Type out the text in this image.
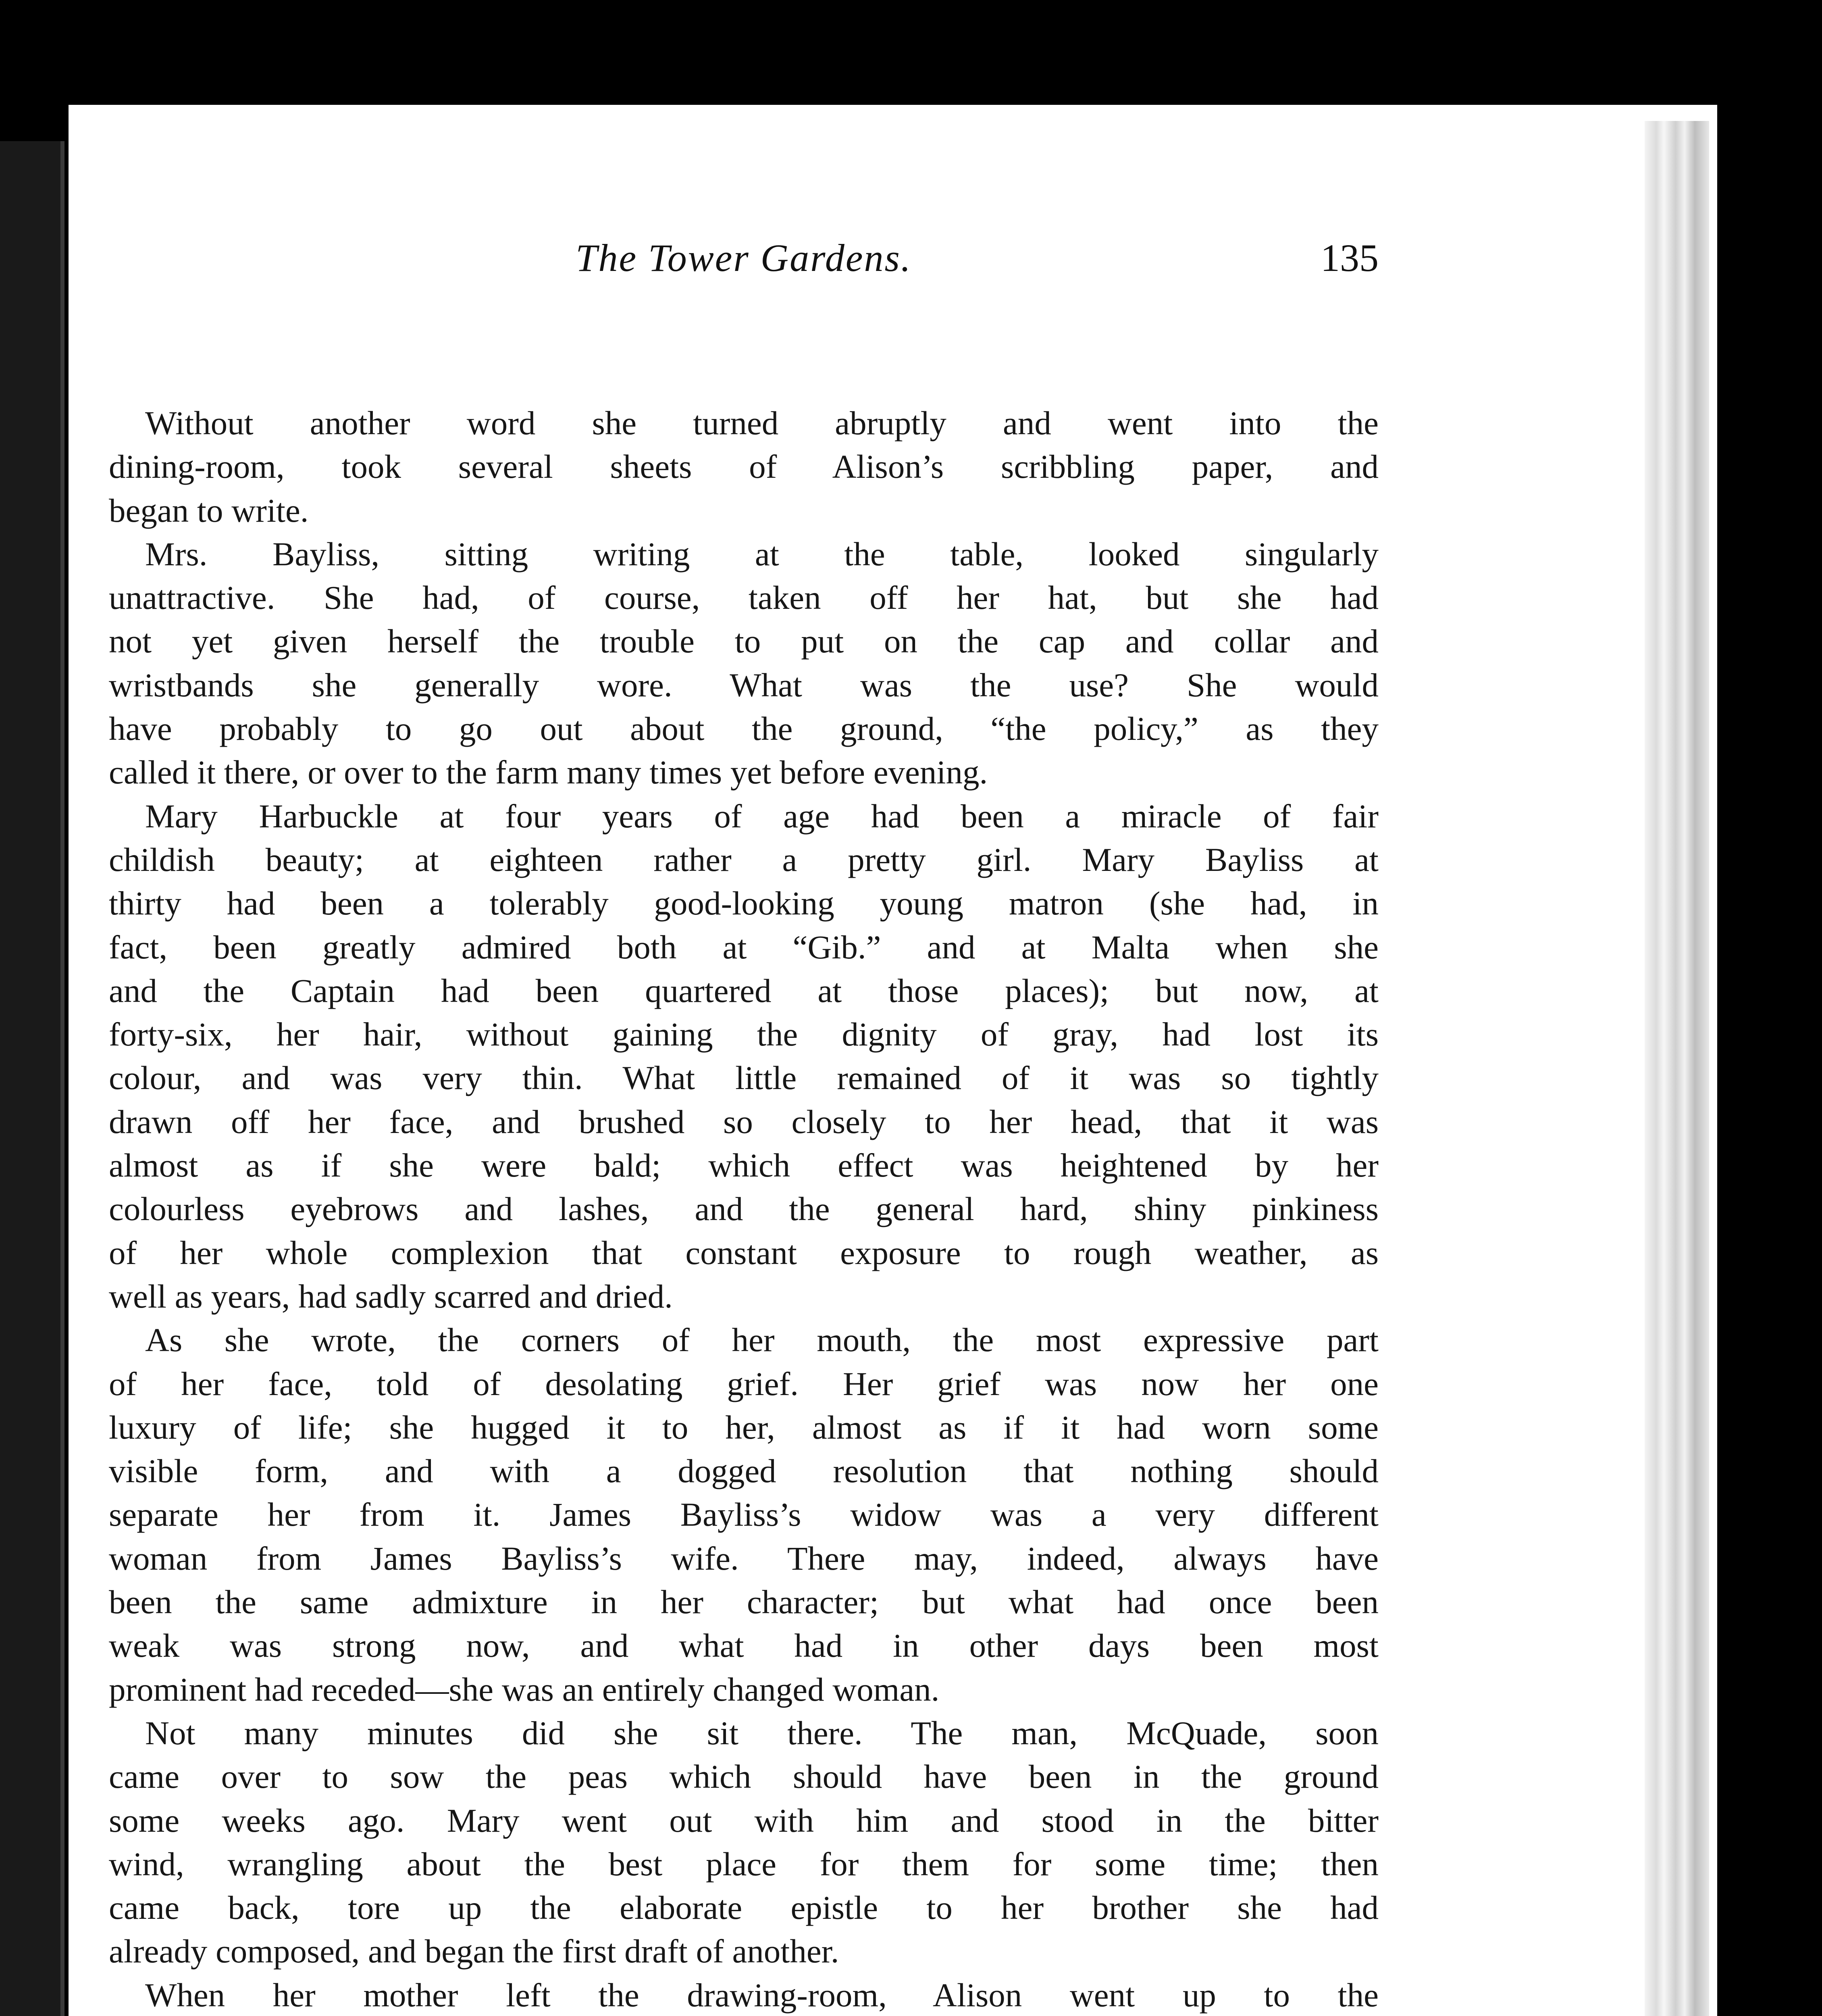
The Tower Gardens.	135
Without another word she turned abruptly and went into the
dining-room, took several sheets of Alison’s scribbling paper, and
began to write.
Mrs. Bayliss, sitting writing at the table, looked singularly
unattractive. She had, of course, taken off her hat, but she had
not yet given herself the trouble to put on the cap and collar and
wristbands she generally wore. What was the use? She would
have probably to go out about the ground, “the policy,” as they
called it there, or over to the farm many times yet before evening.
Mary Harbuckle at four years of age had been a miracle of fair
childish beauty; at eighteen rather a pretty girl. Mary Bayliss at
thirty had been a tolerably good-looking young matron (she had, in
fact, been greatly admired both at “Gib.” and at Malta when she
and the Captain had been quartered at those places); but now, at
forty-six, her hair, without gaining the dignity of gray, had lost its
colour, and was very thin. What little remained of it was so tightly
drawn off her face, and brushed so closely to her head, that it was
almost as if she were bald; which effect was heightened by her
colourless eyebrows and lashes, and the general hard, shiny pinkiness
of her whole complexion that constant exposure to rough weather, as
well as years, had sadly scarred and dried.
As she wrote, the corners of her mouth, the most expressive part
of her face, told of desolating grief. Her grief was now her one
luxury of life; she hugged it to her, almost as if it had worn some
visible form, and with a dogged resolution that nothing should
separate her from it. James Bayliss’s widow was a very different
woman from James Bayliss’s wife. There may, indeed, always have
been the same admixture in her character; but what had once been
weak was strong now, and what had in other days been most
prominent had receded—she was an entirely changed woman.
Not many minutes did she sit there. The man, McQuade, soon
came over to sow the peas which should have been in the ground
some weeks ago. Mary went out with him and stood in the bitter
wind, wrangling about the best place for them for some time; then
came back, tore up the elaborate epistle to her brother she had
already composed, and began the first draft of another.
When her mother left the drawing-room, Alison went up to the
